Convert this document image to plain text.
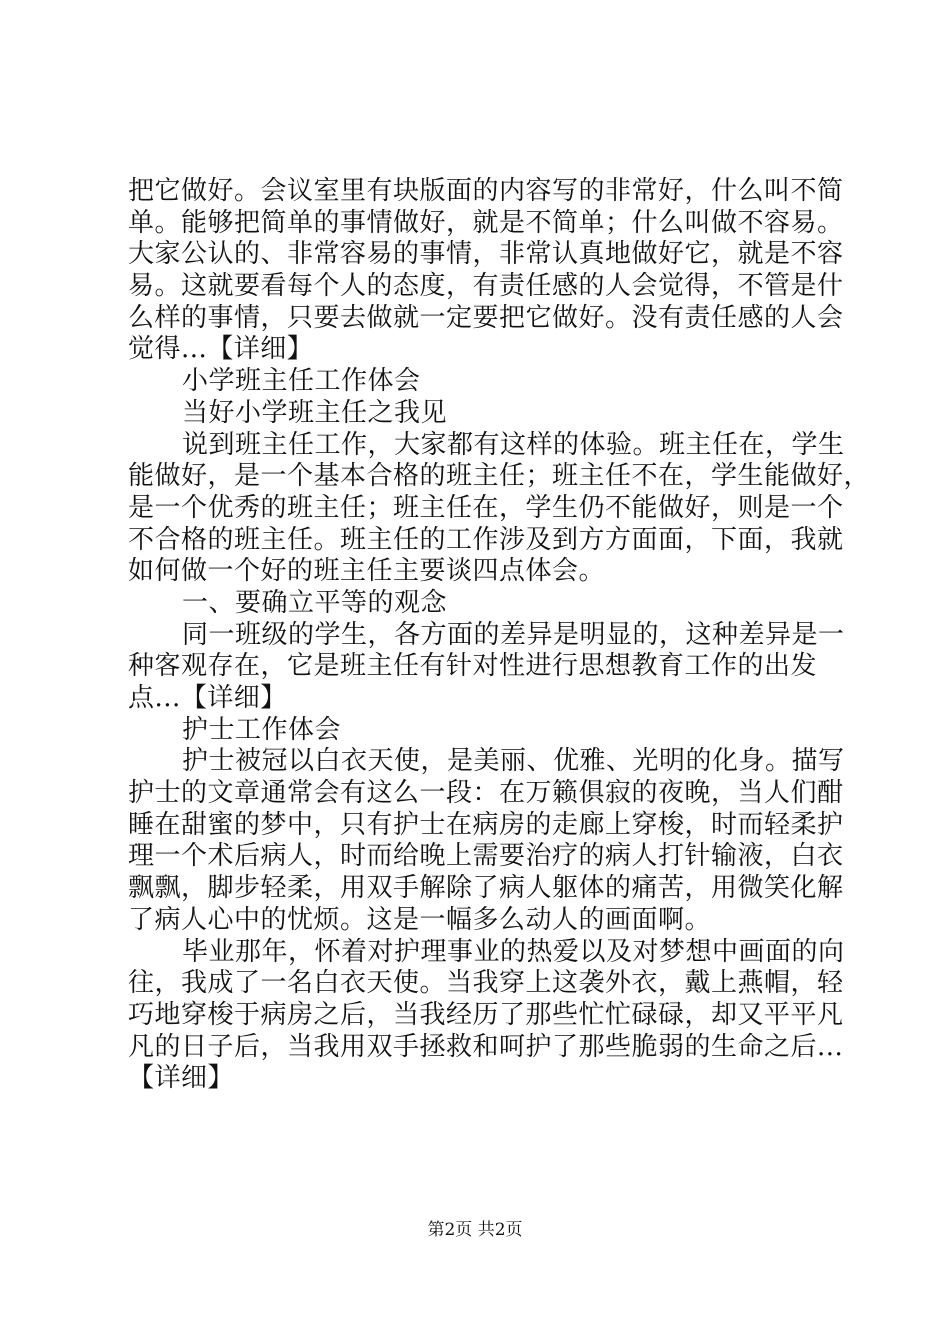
把它做好。会议室里有块版面的内容写的非常好，什么叫不简
单。能够把简单的事情做好，就是不简单；什么叫做不容易。
大家公认的、非常容易的事情，非常认真地做好它，就是不容
易。这就要看每个人的态度，有责任感的人会觉得，不管是什
么样的事情，只要去做就一定要把它做好。没有责任感的人会
觉得...【详细】
小学班主任工作体会
当好小学班主任之我见
说到班主任工作，大家都有这样的体验。班主任在，学生
能做好，是一个基本合格的班主任；班主任不在，学生能做好，
是一个优秀的班主任；班主任在，学生仍不能做好，则是一个
不合格的班主任。班主任的工作涉及到方方面面，下面，我就
如何做一个好的班主任主要谈四点体会。
一、要确立平等的观念
同一班级的学生，各方面的差异是明显的，这种差异是一
种客观存在，它是班主任有针对性进行思想教育工作的出发
点...【详细】
护士工作体会
护士被冠以白衣天使，是美丽、优雅、光明的化身。描写
护士的文章通常会有这么一段：在万籁俱寂的夜晚，当人们酣
睡在甜蜜的梦中，只有护士在病房的走廊上穿梭，时而轻柔护
理一个术后病人，时而给晚上需要治疗的病人打针输液，白衣
飘飘，脚步轻柔，用双手解除了病人躯体的痛苦，用微笑化解
了病人心中的忧烦。这是一幅多么动人的画面啊。
毕业那年，怀着对护理事业的热爱以及对梦想中画面的向
往，我成了一名白衣天使。当我穿上这袭外衣，戴上燕帽，轻
巧地穿梭于病房之后，当我经历了那些忙忙碌碌，却又平平凡
凡的日子后，当我用双手拯救和呵护了那些脆弱的生命之后...
【详细】
第2页 共2页
